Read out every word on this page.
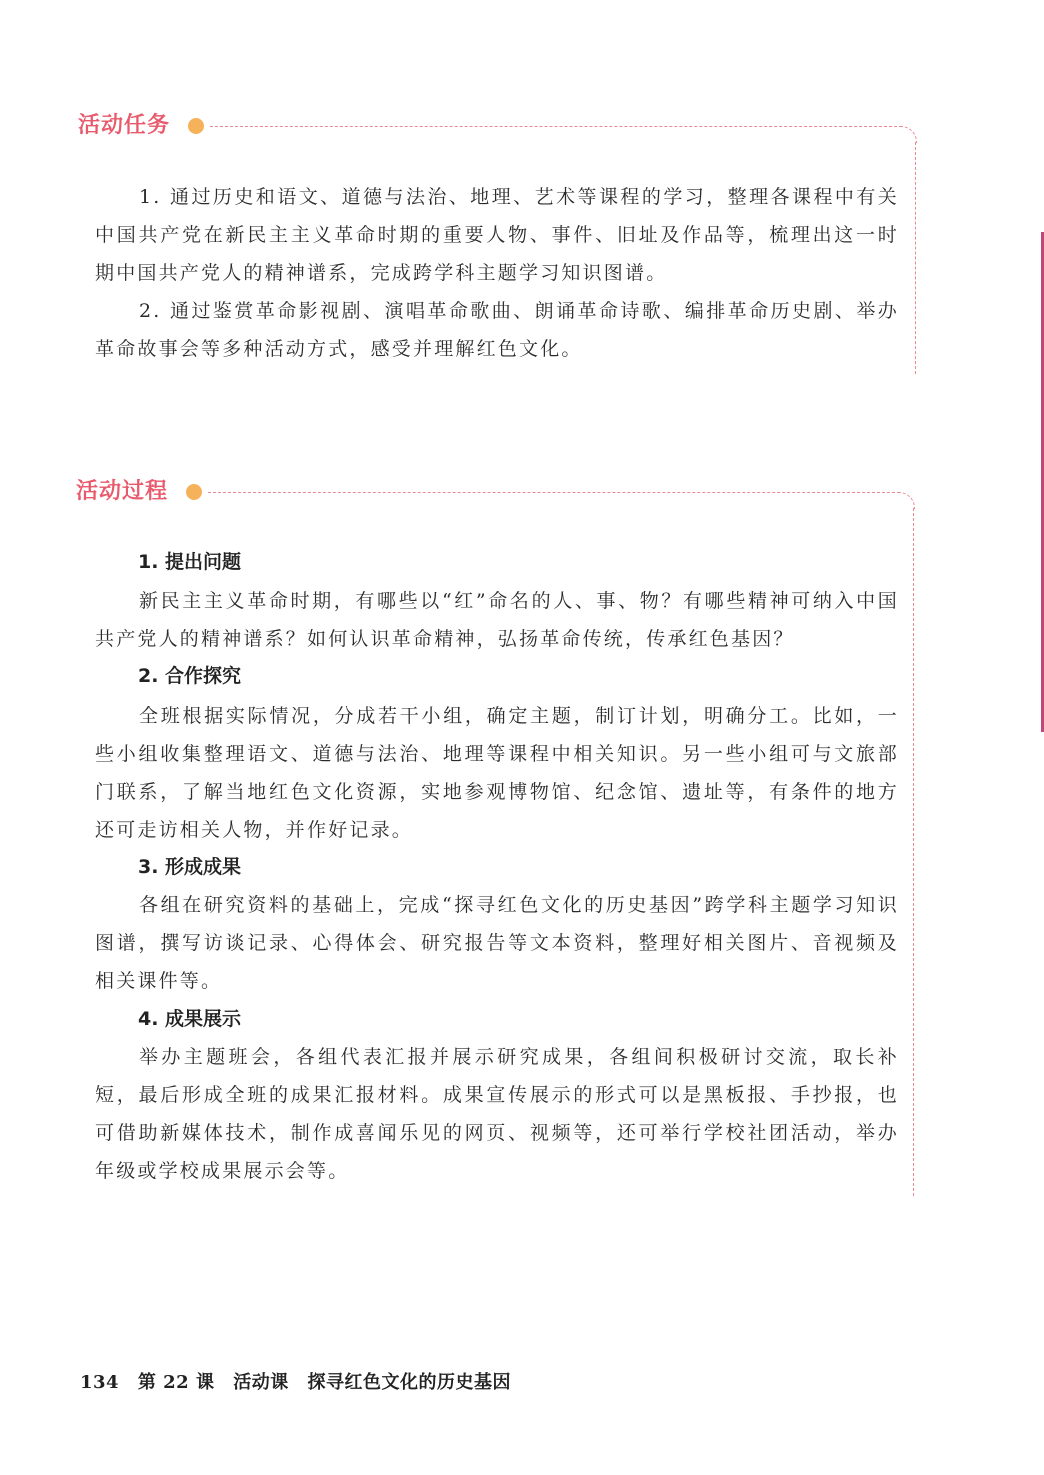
活动任务

1. 通过历史和语文、道德与法治、地理、艺术等课程的学习，整理各课程中有关中国共产党在新民主主义革命时期的重要人物、事件、旧址及作品等，梳理出这一时期中国共产党人的精神谱系，完成跨学科主题学习知识图谱。

2. 通过鉴赏革命影视剧、演唱革命歌曲、朗诵革命诗歌、编排革命历史剧、举办革命故事会等多种活动方式，感受并理解红色文化。

活动过程
1. 提出问题

新民主主义革命时期，有哪些以“红”命名的人、事、物？有哪些精神可纳入中国共产党人的精神谱系？如何认识革命精神，弘扬革命传统，传承红色基因？

2. 合作探究

全班根据实际情况，分成若干小组，确定主题，制订计划，明确分工。比如，一些小组收集整理语文、道德与法治、地理等课程中相关知识。另一些小组可与文旅部门联系，了解当地红色文化资源，实地参观博物馆、纪念馆、遗址等，有条件的地方还可走访相关人物，并作好记录。

3. 形成成果

各组在研究资料的基础上，完成“探寻红色文化的历史基因”跨学科主题学习知识图谱，撰写访谈记录、心得体会、研究报告等文本资料，整理好相关图片、音视频及相关课件等。

4. 成果展示

举办主题班会，各组代表汇报并展示研究成果，各组间积极研讨交流，取长补短，最后形成全班的成果汇报材料。成果宣传展示的形式可以是黑板报、手抄报，也可借助新媒体技术，制作成喜闻乐见的网页、视频等，还可举行学校社团活动，举办年级或学校成果展示会等。

134 第 22 课 活动课 探寻红色文化的历史基因
